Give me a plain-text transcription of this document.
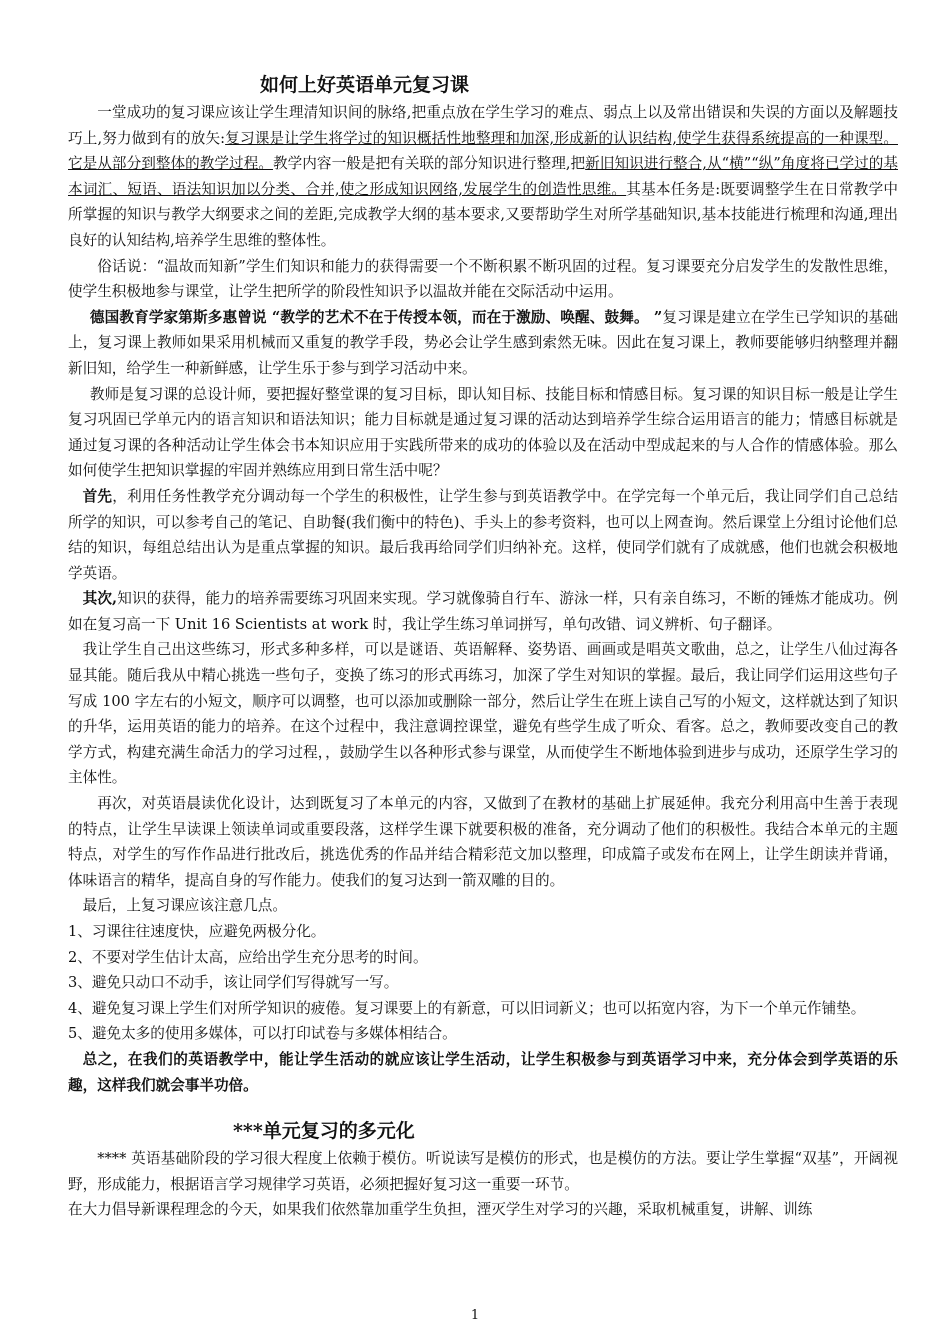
如何上好英语单元复习课

一堂成功的复习课应该让学生理清知识间的脉络,把重点放在学生学习的难点、弱点上以及常出错误和失误的方面以及解题技巧上,努力做到有的放矢:复习课是让学生将学过的知识概括性地整理和加深,形成新的认识结构,使学生获得系统提高的一种课型。它是从部分到整体的教学过程。教学内容一般是把有关联的部分知识进行整理,把新旧知识进行整合,从“横”“纵”角度将已学过的基本词汇、短语、语法知识加以分类、合并,使之形成知识网络,发展学生的创造性思维。其基本任务是:既要调整学生在日常教学中所掌握的知识与教学大纲要求之间的差距,完成教学大纲的基本要求,又要帮助学生对所学基础知识,基本技能进行梳理和沟通,理出良好的认知结构,培养学生思维的整体性。

俗话说：“温故而知新”学生们知识和能力的获得需要一个不断积累不断巩固的过程。复习课要充分启发学生的发散性思维，使学生积极地参与课堂，让学生把所学的阶段性知识予以温故并能在交际活动中运用。

德国教育学家第斯多惠曾说 “教学的艺术不在于传授本领，而在于激励、唤醒、鼓舞。 ”复习课是建立在学生已学知识的基础上，复习课上教师如果采用机械而又重复的教学手段，势必会让学生感到索然无味。因此在复习课上，教师要能够归纳整理并翻新旧知，给学生一种新鲜感，让学生乐于参与到学习活动中来。

教师是复习课的总设计师，要把握好整堂课的复习目标，即认知目标、技能目标和情感目标。复习课的知识目标一般是让学生复习巩固已学单元内的语言知识和语法知识；能力目标就是通过复习课的活动达到培养学生综合运用语言的能力；情感目标就是通过复习课的各种活动让学生体会书本知识应用于实践所带来的成功的体验以及在活动中型成起来的与人合作的情感体验。那么如何使学生把知识掌握的牢固并熟练应用到日常生活中呢？

首先，利用任务性教学充分调动每一个学生的积极性，让学生参与到英语教学中。在学完每一个单元后，我让同学们自己总结所学的知识，可以参考自己的笔记、自助餐(我们衡中的特色)、手头上的参考资料，也可以上网查询。然后课堂上分组讨论他们总结的知识，每组总结出认为是重点掌握的知识。最后我再给同学们归纳补充。这样，使同学们就有了成就感，他们也就会积极地学英语。

其次,知识的获得，能力的培养需要练习巩固来实现。学习就像骑自行车、游泳一样，只有亲自练习，不断的锤炼才能成功。例如在复习高一下 Unit 16 Scientists at work 时，我让学生练习单词拼写，单句改错、词义辨析、句子翻译。

我让学生自己出这些练习，形式多种多样，可以是谜语、英语解释、姿势语、画画或是唱英文歌曲，总之，让学生八仙过海各显其能。随后我从中精心挑选一些句子，变换了练习的形式再练习，加深了学生对知识的掌握。最后，我让同学们运用这些句子写成 100 字左右的小短文，顺序可以调整，也可以添加或删除一部分，然后让学生在班上读自己写的小短文，这样就达到了知识的升华，运用英语的能力的培养。在这个过程中，我注意调控课堂，避免有些学生成了听众、看客。总之，教师要改变自己的教学方式，构建充满生命活力的学习过程，，鼓励学生以各种形式参与课堂，从而使学生不断地体验到进步与成功，还原学生学习的主体性。

再次，对英语晨读优化设计，达到既复习了本单元的内容，又做到了在教材的基础上扩展延伸。我充分利用高中生善于表现的特点，让学生早读课上领读单词或重要段落，这样学生课下就要积极的准备，充分调动了他们的积极性。我结合本单元的主题特点，对学生的写作作品进行批改后，挑选优秀的作品并结合精彩范文加以整理，印成篇子或发布在网上，让学生朗读并背诵，体味语言的精华，提高自身的写作能力。使我们的复习达到一箭双雕的目的。

最后，上复习课应该注意几点。

1、习课往往速度快，应避免两极分化。

2、不要对学生估计太高，应给出学生充分思考的时间。

3、避免只动口不动手，该让同学们写得就写一写。

4、避免复习课上学生们对所学知识的疲倦。复习课要上的有新意，可以旧词新义；也可以拓宽内容，为下一个单元作铺垫。

5、避免太多的使用多媒体，可以打印试卷与多媒体相结合。

总之，在我们的英语教学中，能让学生活动的就应该让学生活动，让学生积极参与到英语学习中来，充分体会到学英语的乐趣，这样我们就会事半功倍。

***单元复习的多元化

**** 英语基础阶段的学习很大程度上依赖于模仿。听说读写是模仿的形式，也是模仿的方法。要让学生掌握“双基”，开阔视野，形成能力，根据语言学习规律学习英语，必须把握好复习这一重要一环节。

在大力倡导新课程理念的今天，如果我们依然靠加重学生负担，湮灭学生对学习的兴趣，采取机械重复，讲解、训练

1
